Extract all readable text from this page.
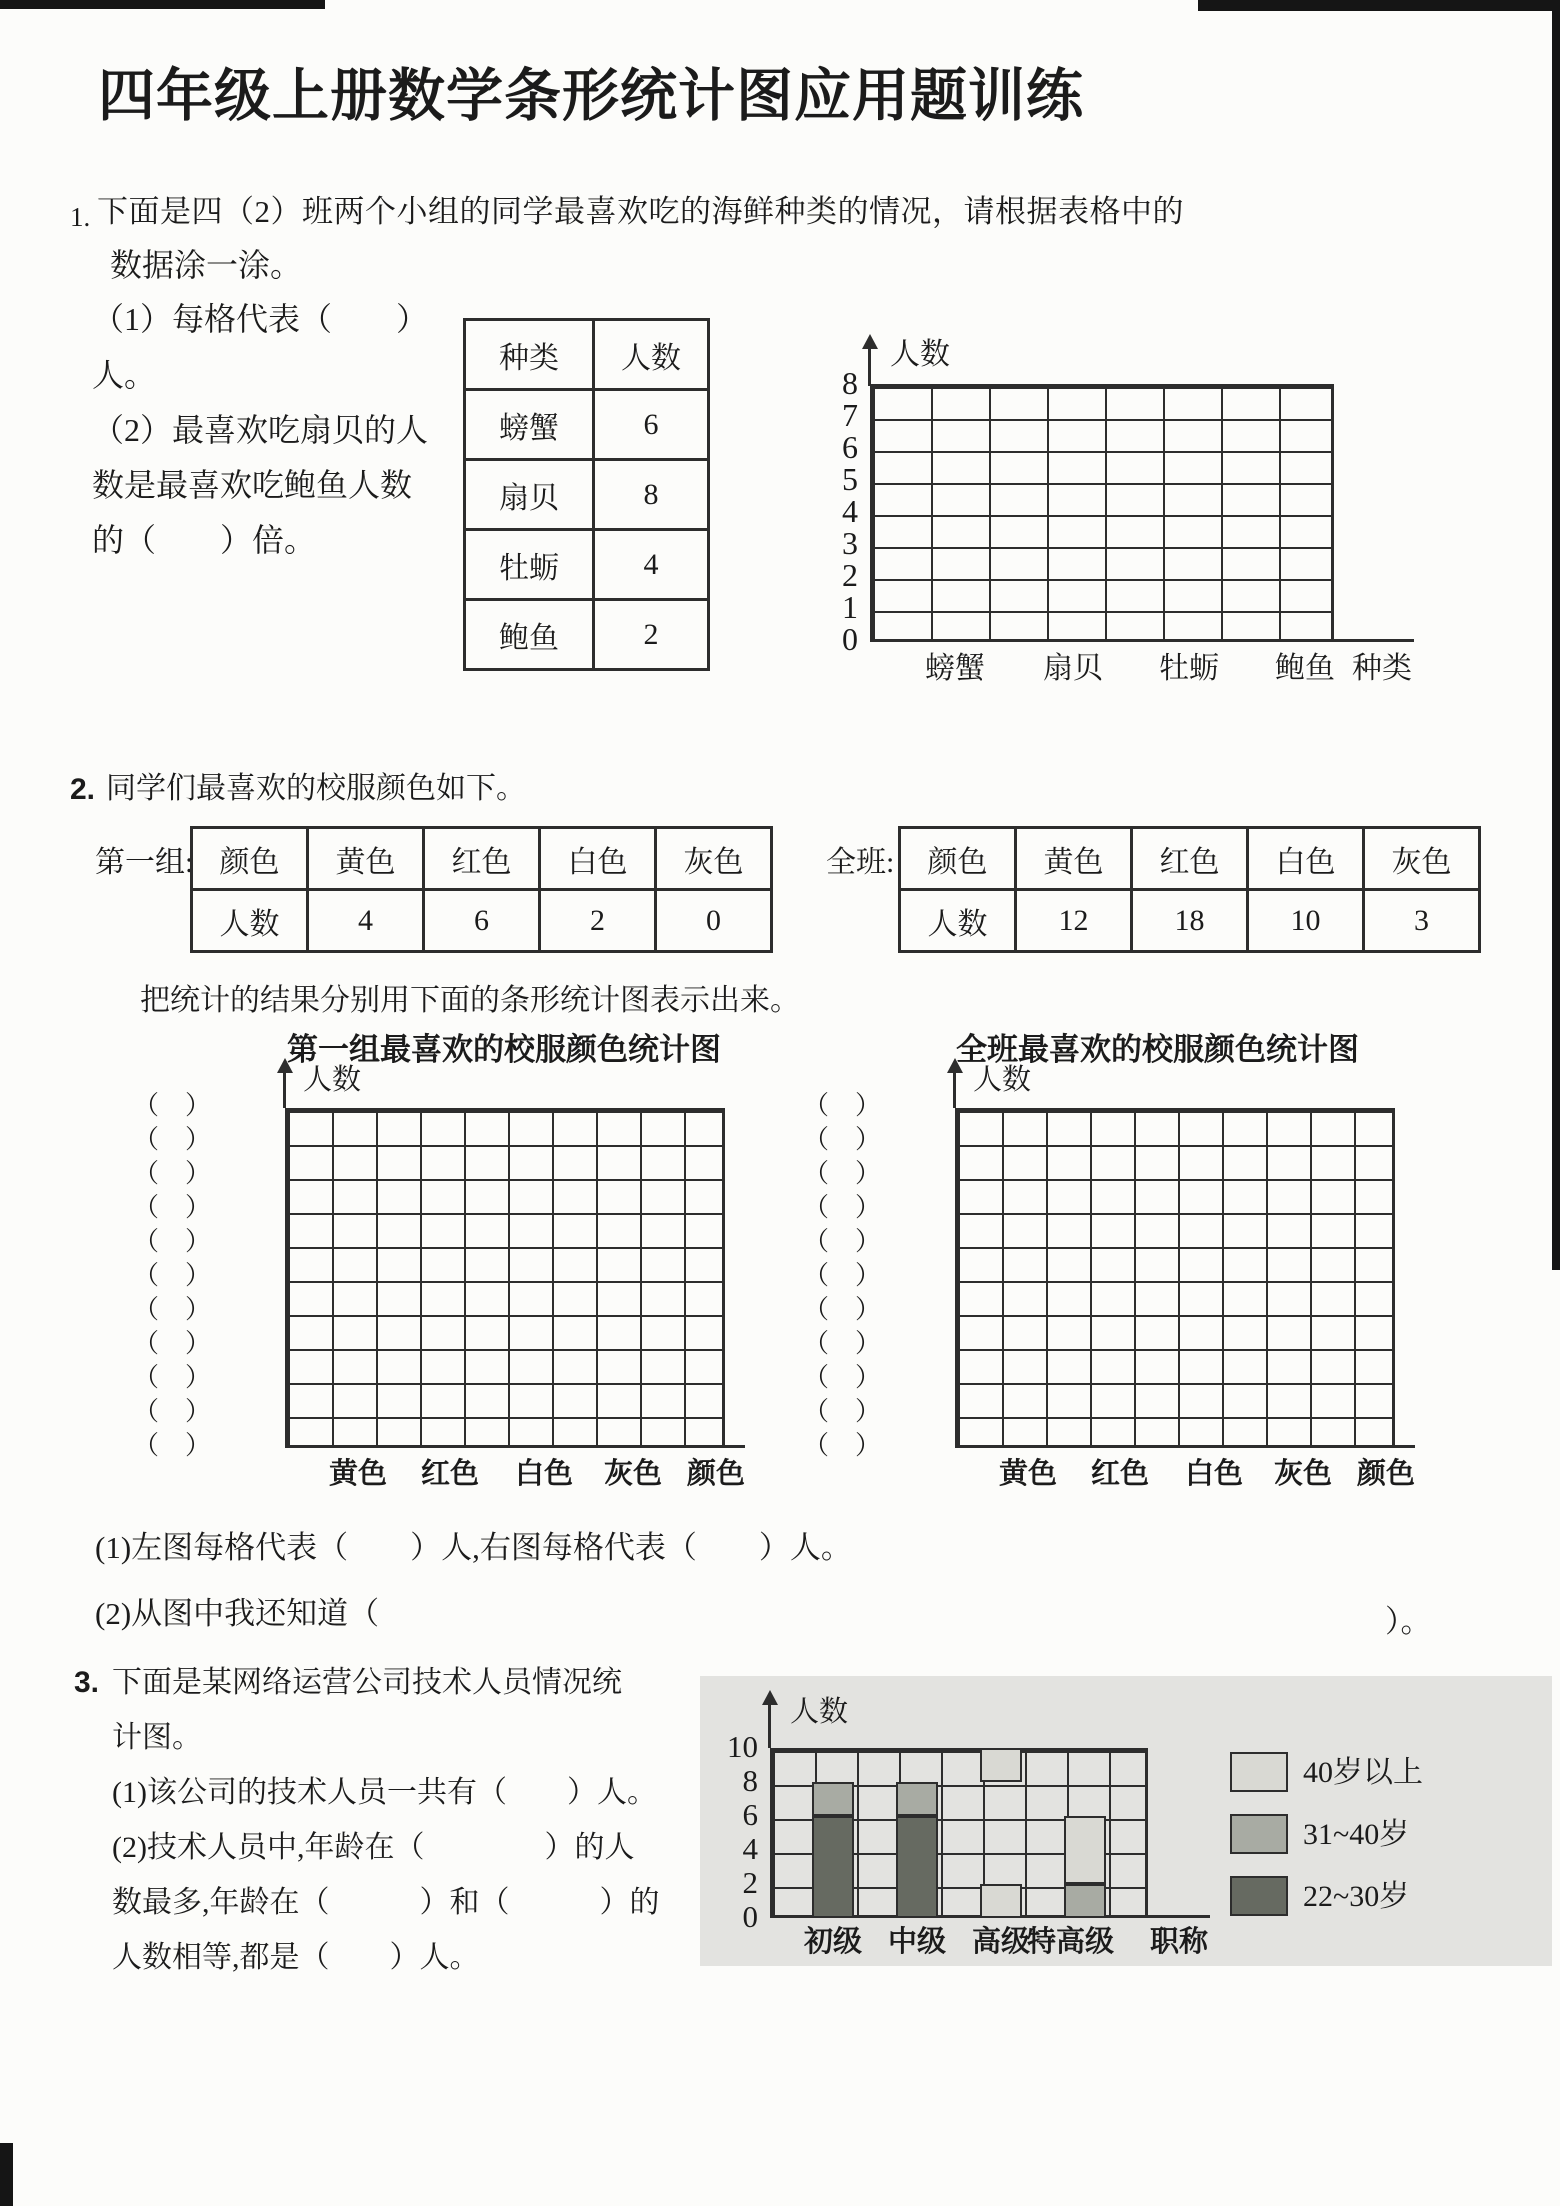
四年级上册数学条形统计图应用题训练
1. 下面是四（2）班两个小组的同学最喜欢吃的海鲜种类的情况，请根据表格中的
数据涂一涂。
（1）每格代表（　　）
人。
（2）最喜欢吃扇贝的人
数是最喜欢吃鲍鱼人数
的（　　）倍。
种类	人数
螃蟹	6
扇贝	8
牡蛎	4
鲍鱼	2
人数
8
7
6
5
4
3
2
1
0
螃蟹 扇贝 牡蛎 鲍鱼 种类
2. 同学们最喜欢的校服颜色如下。
第一组: 颜色	黄色	红色	白色	灰色
人数	4	6	2	0
全班: 颜色	黄色	红色	白色	灰色
人数	12	18	10	3
把统计的结果分别用下面的条形统计图表示出来。
第一组最喜欢的校服颜色统计图	全班最喜欢的校服颜色统计图
人数
（　）
（　）
（　）
（　）
（　）
（　）
（　）
（　）
（　）
（　）
（　）
黄色 红色 白色 灰色 颜色
人数
（　）
（　）
（　）
（　）
（　）
（　）
（　）
（　）
（　）
（　）
（　）
黄色 红色 白色 灰色 颜色
(1)左图每格代表（　　）人,右图每格代表（　　）人。
(2)从图中我还知道（	）。
3. 下面是某网络运营公司技术人员情况统
计图。
(1)该公司的技术人员一共有（　　）人。
(2)技术人员中,年龄在（　　　　）的人
数最多,年龄在（　　　）和（　　　）的
人数相等,都是（　　）人。
人数
10
8
6
4
2
0
初级 中级 高级
特高级 职称
40岁以上
31~40岁
22~30岁
